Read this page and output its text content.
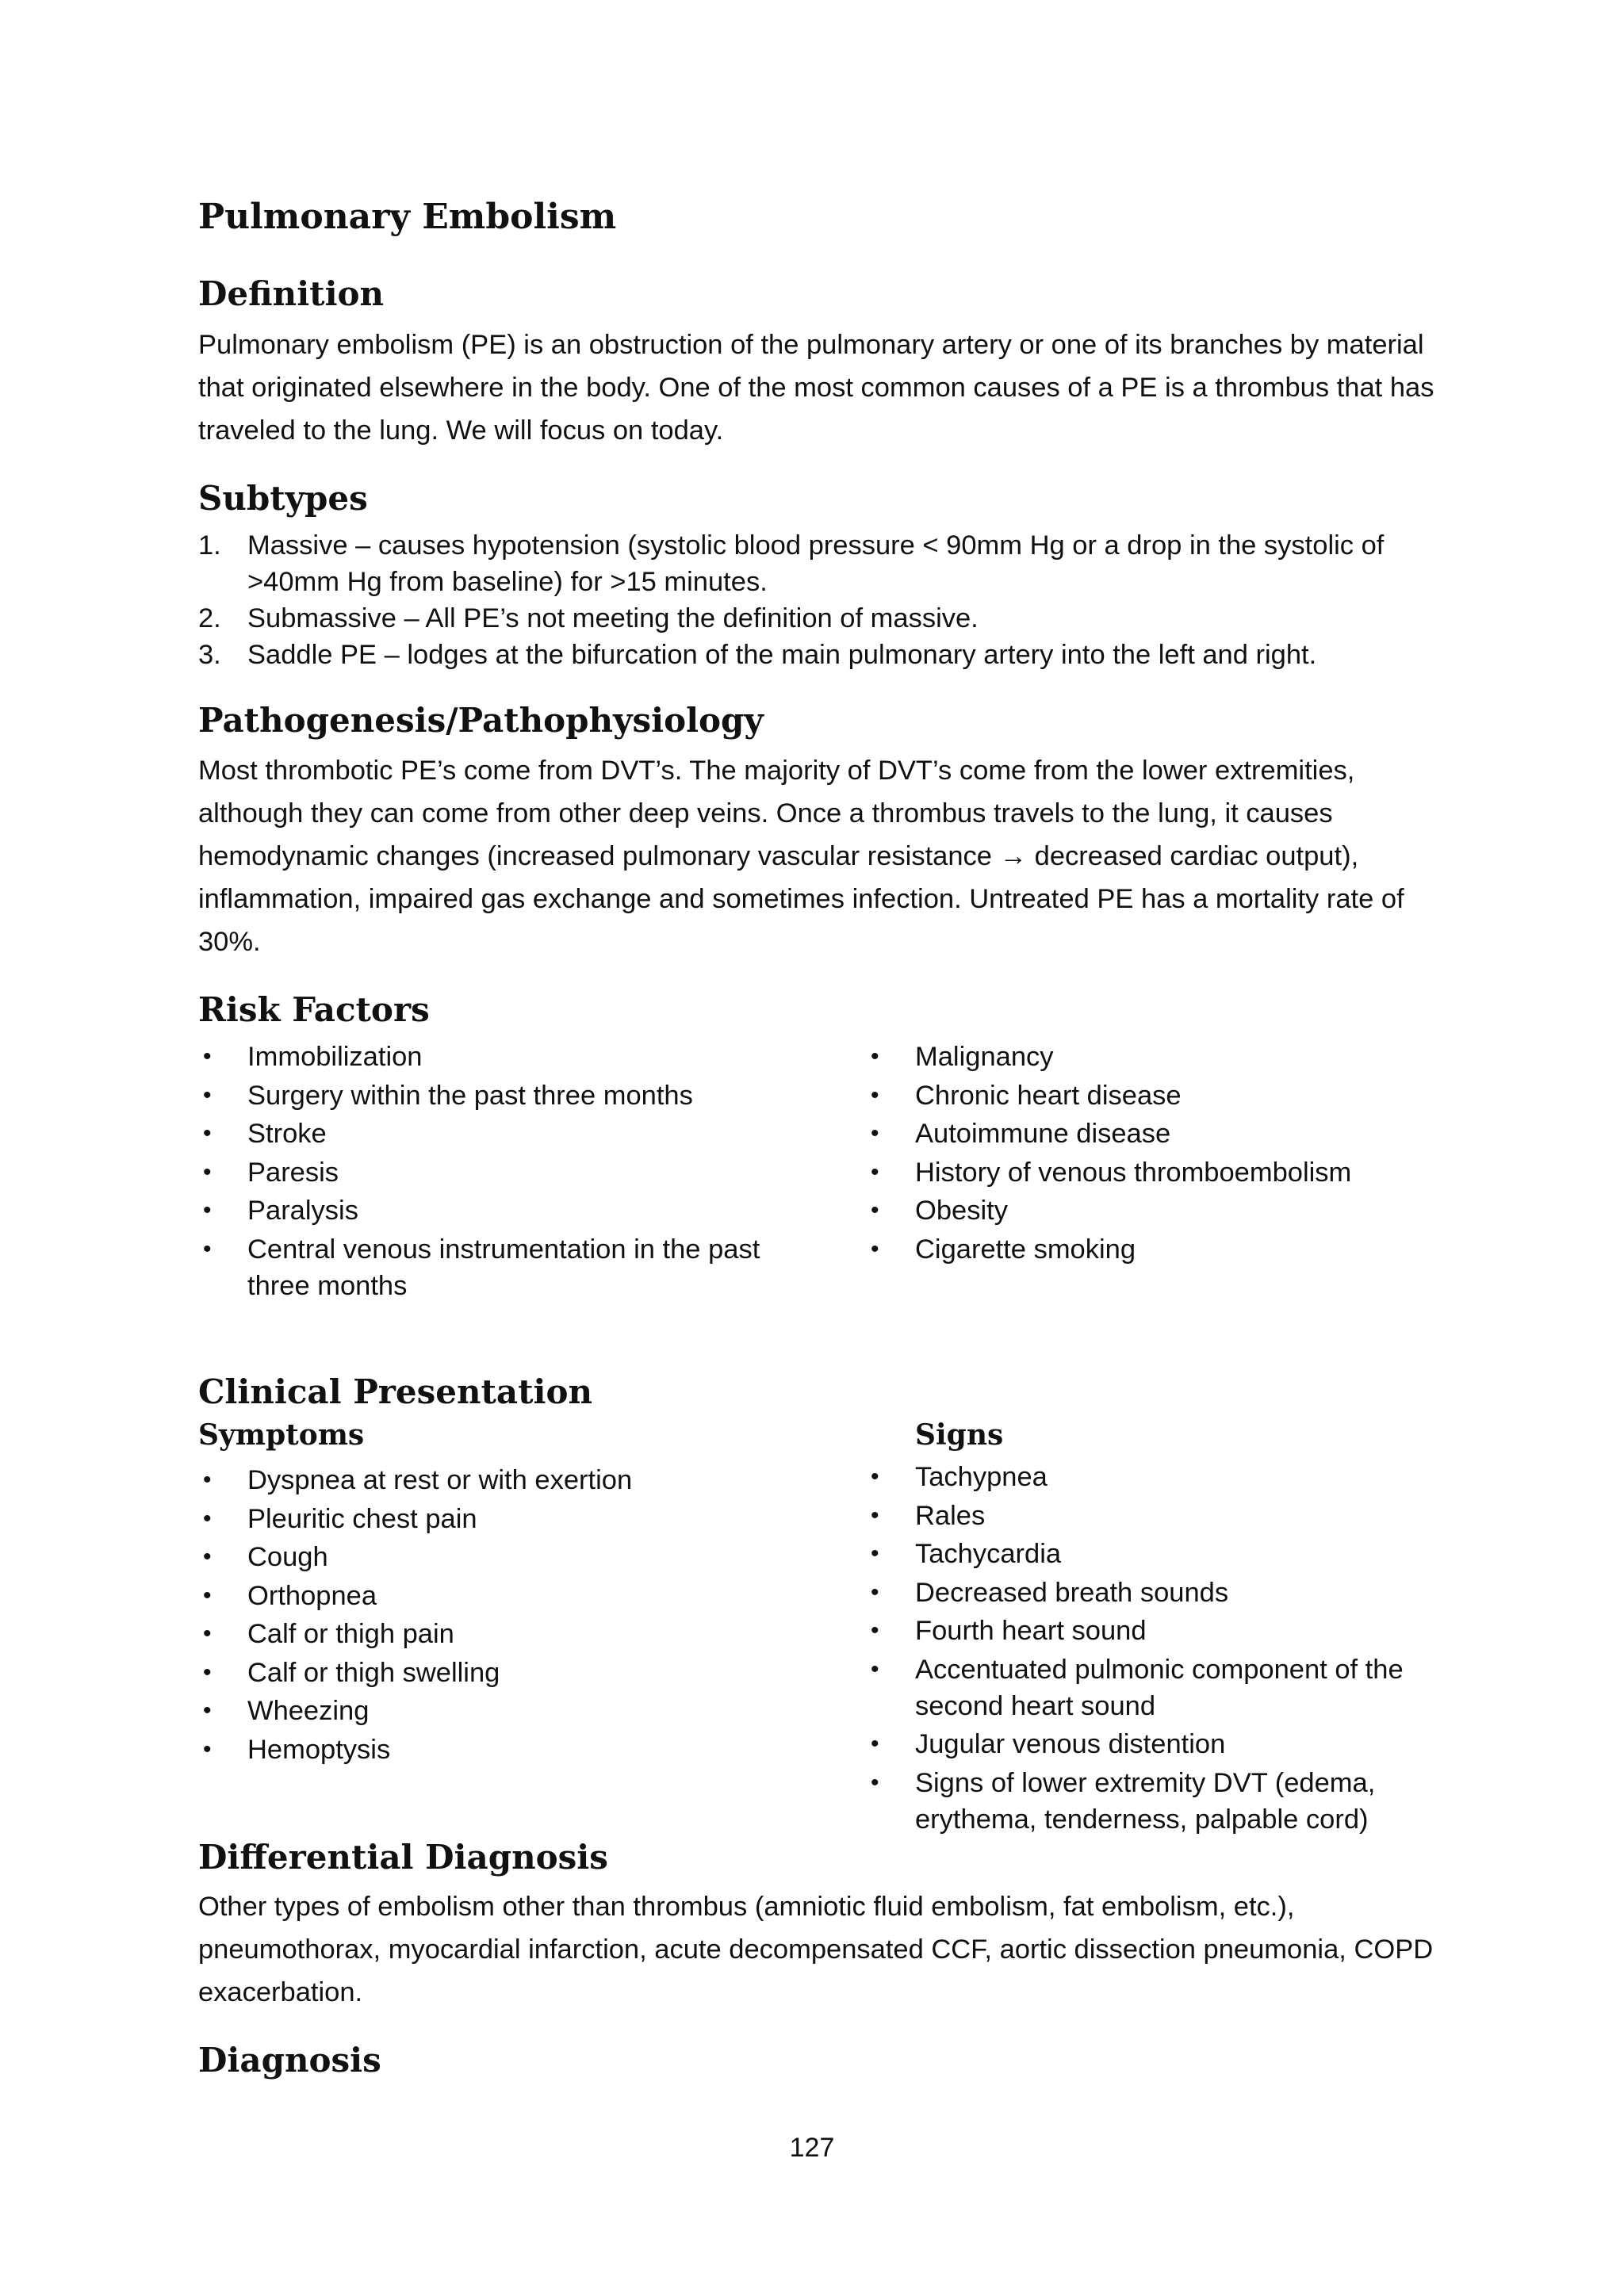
Pulmonary Embolism
Definition

Pulmonary embolism (PE) is an obstruction of the pulmonary artery or one of its branches by material that originated elsewhere in the body. One of the most common causes of a PE is a thrombus that has traveled to the lung. We will focus on today.

Subtypes
1. Massive – causes hypotension (systolic blood pressure < 90mm Hg or a drop in the systolic of >40mm Hg from baseline) for >15 minutes.
2. Submassive – All PE’s not meeting the definition of massive.
3. Saddle PE – lodges at the bifurcation of the main pulmonary artery into the left and right.
Pathogenesis/Pathophysiology

Most thrombotic PE’s come from DVT’s. The majority of DVT’s come from the lower extremities, although they can come from other deep veins. Once a thrombus travels to the lung, it causes hemodynamic changes (increased pulmonary vascular resistance → decreased cardiac output), inflammation, impaired gas exchange and sometimes infection. Untreated PE has a mortality rate of 30%.

Risk Factors
• Immobilization
• Surgery within the past three months
• Stroke
• Paresis
• Paralysis
• Central venous instrumentation in the past three months
• Malignancy
• Chronic heart disease
• Autoimmune disease
• History of venous thromboembolism
• Obesity
• Cigarette smoking
Clinical Presentation
Symptoms	Signs
• Dyspnea at rest or with exertion
• Pleuritic chest pain
• Cough
• Orthopnea
• Calf or thigh pain
• Calf or thigh swelling
• Wheezing
• Hemoptysis
• Tachypnea
• Rales
• Tachycardia
• Decreased breath sounds
• Fourth heart sound
• Accentuated pulmonic component of the second heart sound
• Jugular venous distention
• Signs of lower extremity DVT (edema, erythema, tenderness, palpable cord)
Differential Diagnosis

Other types of embolism other than thrombus (amniotic fluid embolism, fat embolism, etc.), pneumothorax, myocardial infarction, acute decompensated CCF, aortic dissection pneumonia, COPD exacerbation.

Diagnosis
127
